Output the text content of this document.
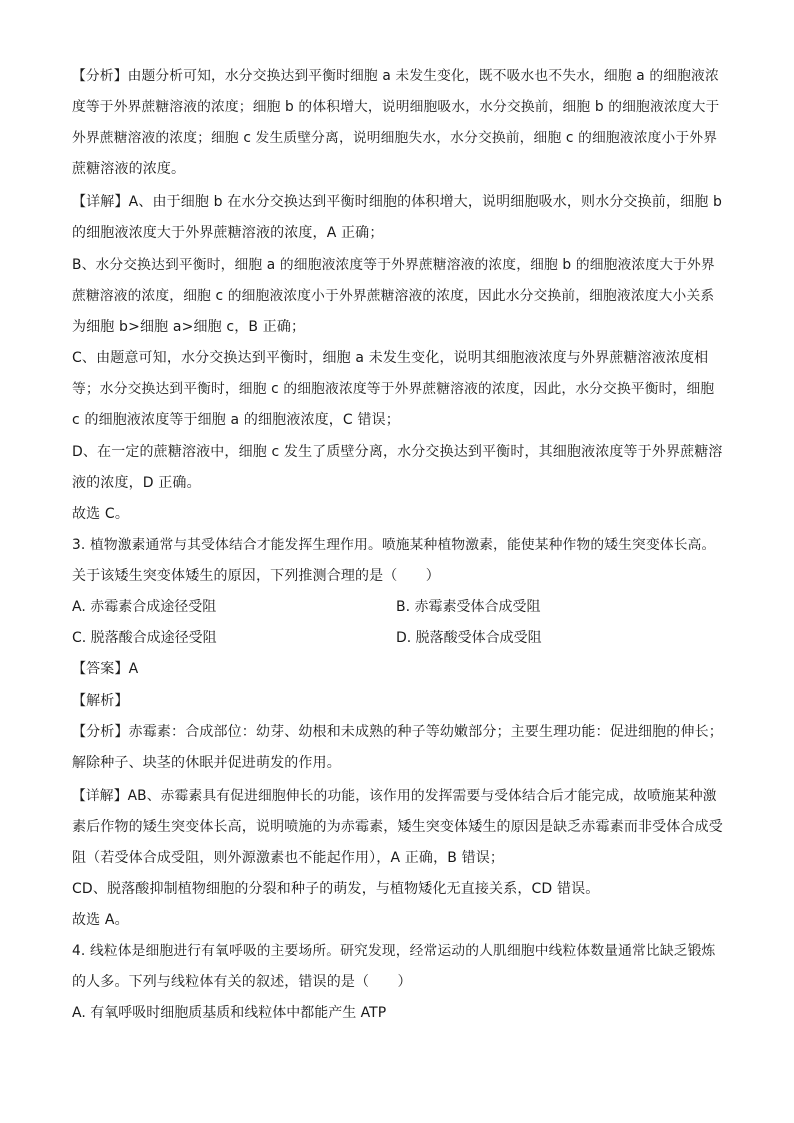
【分析】由题分析可知，水分交换达到平衡时细胞 a 未发生变化，既不吸水也不失水，细胞 a 的细胞液浓
度等于外界蔗糖溶液的浓度；细胞 b 的体积增大，说明细胞吸水，水分交换前，细胞 b 的细胞液浓度大于
外界蔗糖溶液的浓度；细胞 c 发生质壁分离，说明细胞失水，水分交换前，细胞 c 的细胞液浓度小于外界
蔗糖溶液的浓度。
【详解】A、由于细胞 b 在水分交换达到平衡时细胞的体积增大，说明细胞吸水，则水分交换前，细胞 b
的细胞液浓度大于外界蔗糖溶液的浓度，A 正确；
B、水分交换达到平衡时，细胞 a 的细胞液浓度等于外界蔗糖溶液的浓度，细胞 b 的细胞液浓度大于外界
蔗糖溶液的浓度，细胞 c 的细胞液浓度小于外界蔗糖溶液的浓度，因此水分交换前，细胞液浓度大小关系
为细胞 b>细胞 a>细胞 c，B 正确；
C、由题意可知，水分交换达到平衡时，细胞 a 未发生变化，说明其细胞液浓度与外界蔗糖溶液浓度相
等；水分交换达到平衡时，细胞 c 的细胞液浓度等于外界蔗糖溶液的浓度，因此，水分交换平衡时，细胞
c 的细胞液浓度等于细胞 a 的细胞液浓度，C 错误；
D、在一定的蔗糖溶液中，细胞 c 发生了质壁分离，水分交换达到平衡时，其细胞液浓度等于外界蔗糖溶
液的浓度，D 正确。
故选 C。
3. 植物激素通常与其受体结合才能发挥生理作用。喷施某种植物激素，能使某种作物的矮生突变体长高。
关于该矮生突变体矮生的原因，下列推测合理的是（　　）
A. 赤霉素合成途径受阻	B. 赤霉素受体合成受阻
C. 脱落酸合成途径受阻	D. 脱落酸受体合成受阻
【答案】A
【解析】
【分析】赤霉素：合成部位：幼芽、幼根和未成熟的种子等幼嫩部分；主要生理功能：促进细胞的伸长；
解除种子、块茎的休眠并促进萌发的作用。
【详解】AB、赤霉素具有促进细胞伸长的功能，该作用的发挥需要与受体结合后才能完成，故喷施某种激
素后作物的矮生突变体长高，说明喷施的为赤霉素，矮生突变体矮生的原因是缺乏赤霉素而非受体合成受
阻（若受体合成受阻，则外源激素也不能起作用），A 正确，B 错误；
CD、脱落酸抑制植物细胞的分裂和种子的萌发，与植物矮化无直接关系，CD 错误。
故选 A。
4. 线粒体是细胞进行有氧呼吸的主要场所。研究发现，经常运动的人肌细胞中线粒体数量通常比缺乏锻炼
的人多。下列与线粒体有关的叙述，错误的是（　　）
A. 有氧呼吸时细胞质基质和线粒体中都能产生 ATP
